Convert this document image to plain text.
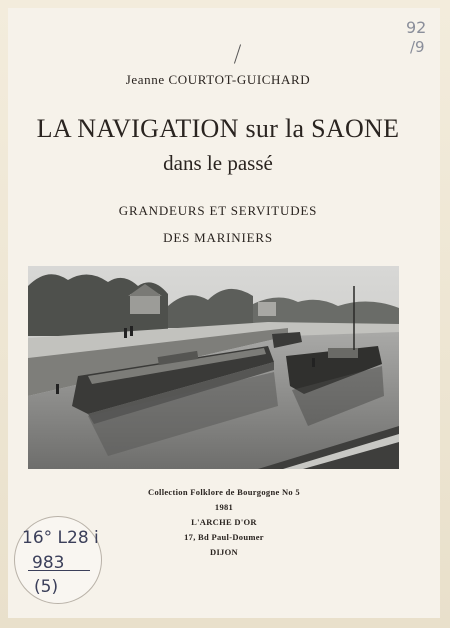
Jeanne COURTOT-GUICHARD
LA NAVIGATION sur la SAONE
dans le passé
GRANDEURS ET SERVITUDES
DES MARINIERS
Collection Folklore de Bourgogne No 5
1981
L'ARCHE D'OR
17, Bd Paul-Doumer
DIJON
16° L28 i
983
(5)
92
/9
